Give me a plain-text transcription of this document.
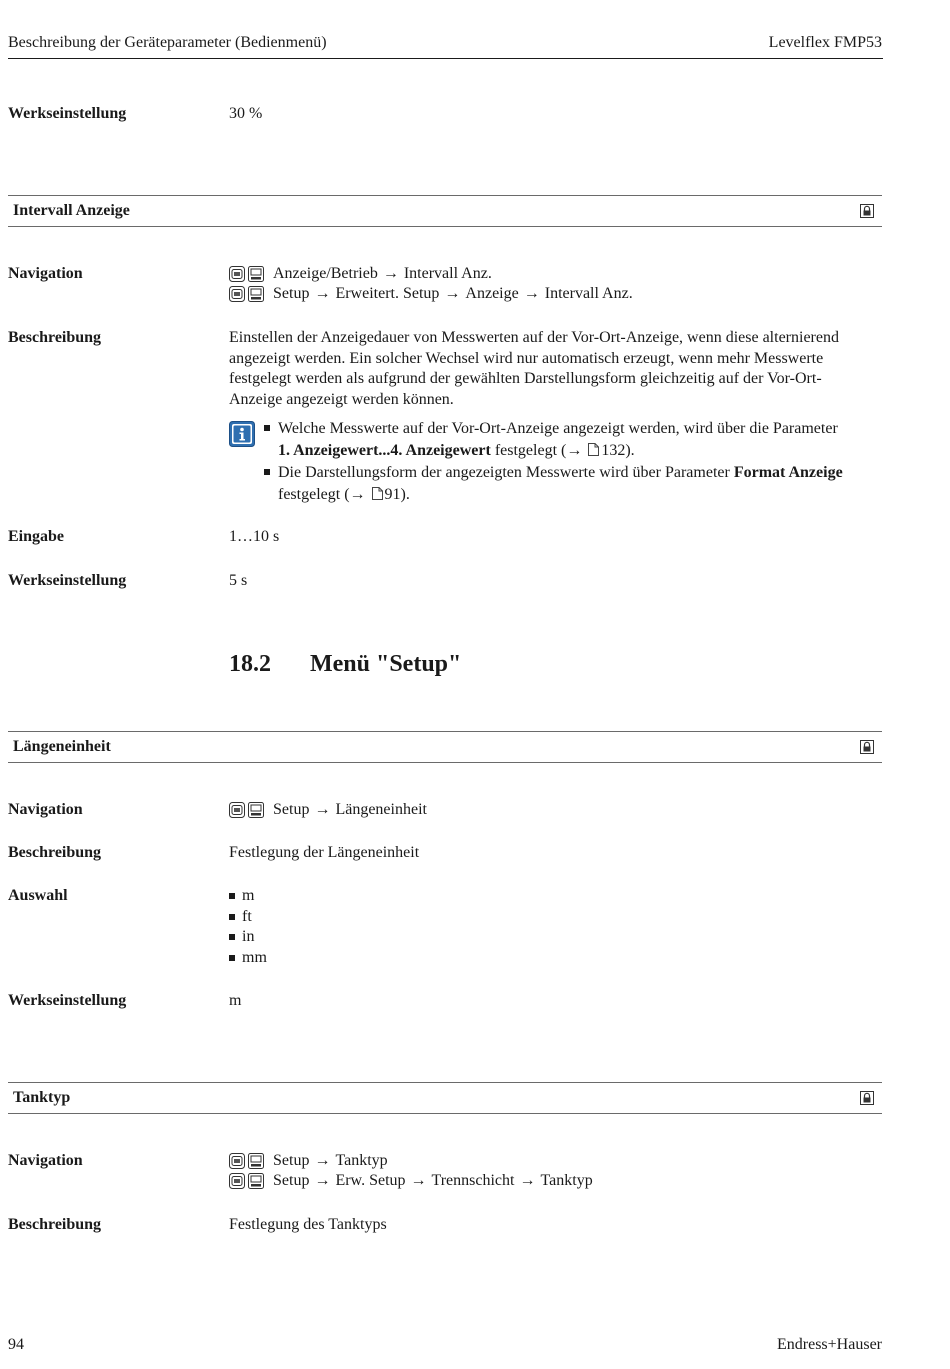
Beschreibung der Geräteparameter (Bedienmenü)	Levelflex FMP53
Werkseinstellung	30 %
Intervall Anzeige
Navigation	Anzeige/Betrieb → Intervall Anz.
Setup → Erweitert. Setup → Anzeige → Intervall Anz.
Beschreibung	Einstellen der Anzeigedauer von Messwerten auf der Vor-Ort-Anzeige, wenn diese alternierend
angezeigt werden. Ein solcher Wechsel wird nur automatisch erzeugt, wenn mehr Messwerte
festgelegt werden als aufgrund der gewählten Darstellungsform gleichzeitig auf der Vor-Ort-
Anzeige angezeigt werden können.
Welche Messwerte auf der Vor-Ort-Anzeige angezeigt werden, wird über die Parameter
1. Anzeigewert...4. Anzeigewert festgelegt (→ 132).
Die Darstellungsform der angezeigten Messwerte wird über Parameter Format Anzeige
festgelegt (→ 91).
Eingabe	1…10 s
Werkseinstellung	5 s
18.2 Menü "Setup"
Längeneinheit
Navigation	Setup → Längeneinheit
Beschreibung	Festlegung der Längeneinheit
Auswahl	m
ft
in
mm
Werkseinstellung	m
Tanktyp
Navigation	Setup → Tanktyp
Setup → Erw. Setup → Trennschicht → Tanktyp
Beschreibung	Festlegung des Tanktyps
94	Endress+Hauser
